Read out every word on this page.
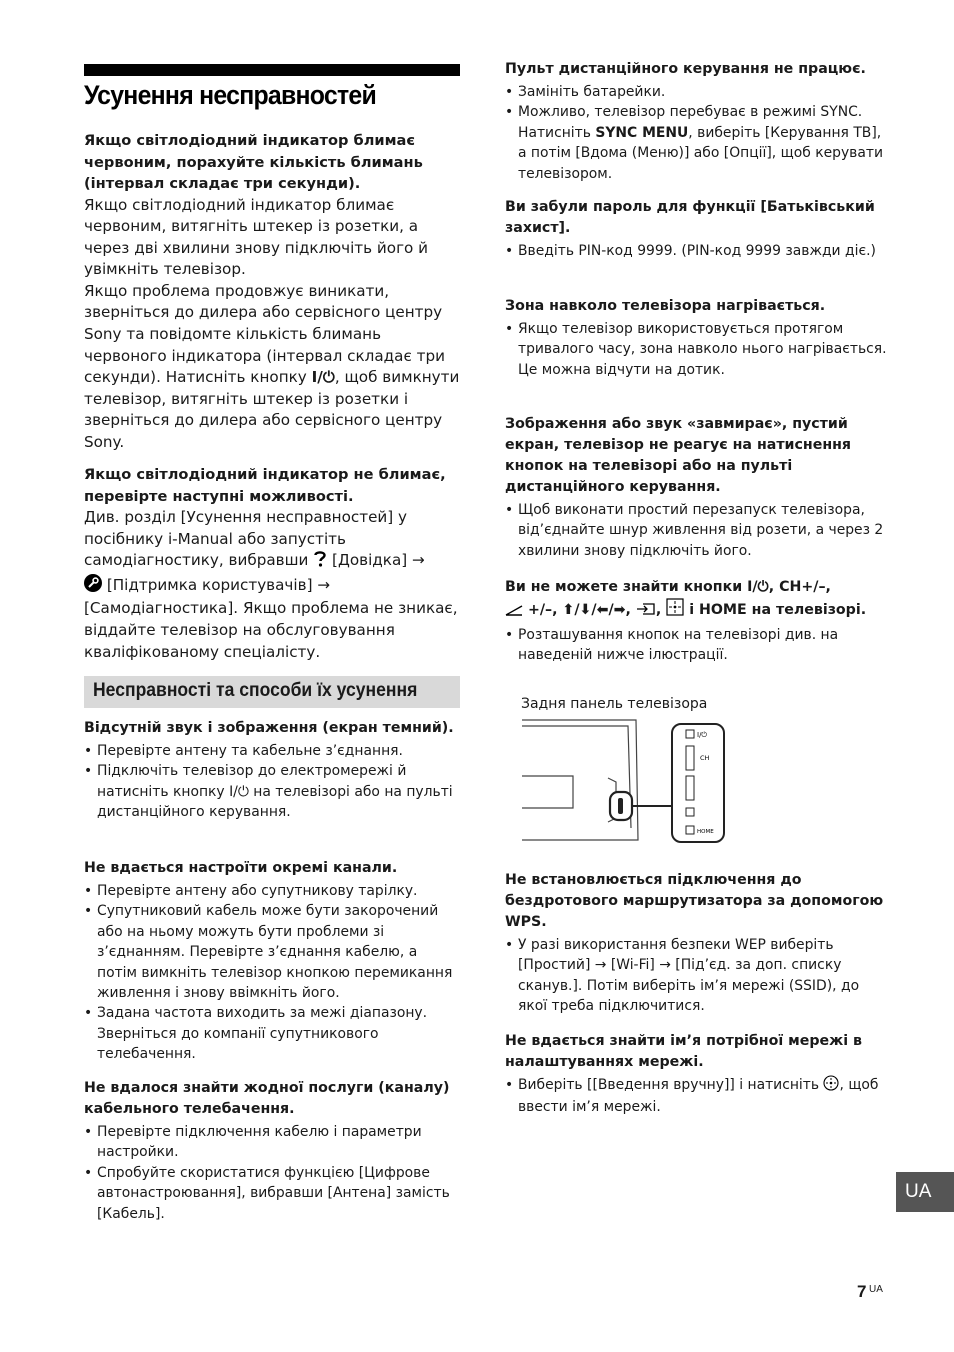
Усунення несправностей

Якщо світлодіодний індикатор блимає червоним, порахуйте кількість блимань (інтервал складає три секунди).

Якщо світлодіодний індикатор блимає червоним, витягніть штекер із розетки, а через дві хвилини знову підключіть його й увімкніть телевізор.

Якщо проблема продовжує виникати, зверніться до дилера або сервісного центру Sony та повідомте кількість блимань червоного індикатора (інтервал складає три секунди). Натисніть кнопку I/⏻, щоб вимкнути телевізор, витягніть штекер із розетки і зверніться до дилера або сервісного центру Sony.

Якщо світлодіодний індикатор не блимає, перевірте наступні можливості.

Див. розділ [Усунення несправностей] у посібнику i-Manual або запустіть самодіагностику, вибравши  [Довідка] →
[Підтримка користувачів] →
[Самодіагностика]. Якщо проблема не зникає, віддайте телевізор на обслуговування кваліфікованому спеціалісту.

Несправності та способи їх усунення

Відсутній звук і зображення (екран темний).

• Перевірте антену та кабельне з’єднання.
• Підключіть телевізор до електромережі й натисніть кнопку I/⏻ на телевізорі або на пульті дистанційного керування.

Не вдається настроїти окремі канали.

• Перевірте антену або супутникову тарілку.
• Супутниковий кабель може бути закорочений або на ньому можуть бути проблеми зі з’єднанням. Перевірте з’єднання кабелю, а потім вимкніть телевізор кнопкою перемикання живлення і знову ввімкніть його.
• Задана частота виходить за межі діапазону. Зверніться до компанії супутникового телебачення.

Не вдалося знайти жодної послуги (каналу) кабельного телебачення.

• Перевірте підключення кабелю і параметри настройки.
• Спробуйте скористатися функцією [Цифрове автонастроювання], вибравши [Антена] замість [Кабель].

Пульт дистанційного керування не працює.

• Замініть батарейки.
• Можливо, телевізор перебуває в режимі SYNC. Натисніть SYNC MENU, виберіть [Керування ТВ], а потім [Вдома (Меню)] або [Опції], щоб керувати телевізором.

Ви забули пароль для функції [Батьківський захист].

• Введіть PIN-код 9999. (PIN-код 9999 завжди діє.)

Зона навколо телевізора нагрівається.

• Якщо телевізор використовується протягом тривалого часу, зона навколо нього нагрівається.
Це можна відчути на дотик.

Зображення або звук «завмирає», пустий екран, телевізор не реагує на натиснення кнопок на телевізорі або на пульті дистанційного керування.

• Щоб виконати простий перезапуск телевізора, від’єднайте шнур живлення від розети, а через 2 хвилини знову підключіть його.

Ви не можете знайти кнопки I/⏻, CH+/–,
+/–, ⬆/⬇/⬅/➡, ,  і HOME на телевізорі.

• Розташування кнопок на телевізорі див. на наведеній нижче ілюстрації.
Задня панель телевізора
I/⏻
CH
HOME

Не встановлюється підключення до бездротового маршрутизатора за допомогою WPS.

• У разі використання безпеки WEP виберіть [Простий] → [Wi-Fi] → [Під’єд. за доп. списку сканув.]. Потім виберіть ім’я мережі (SSID), до якої треба підключитися.

Не вдається знайти ім’я потрібної мережі в налаштуваннях мережі.

• Виберіть [[Введення вручну]] і натисніть , щоб ввести ім’я мережі.
UA
7 UA
